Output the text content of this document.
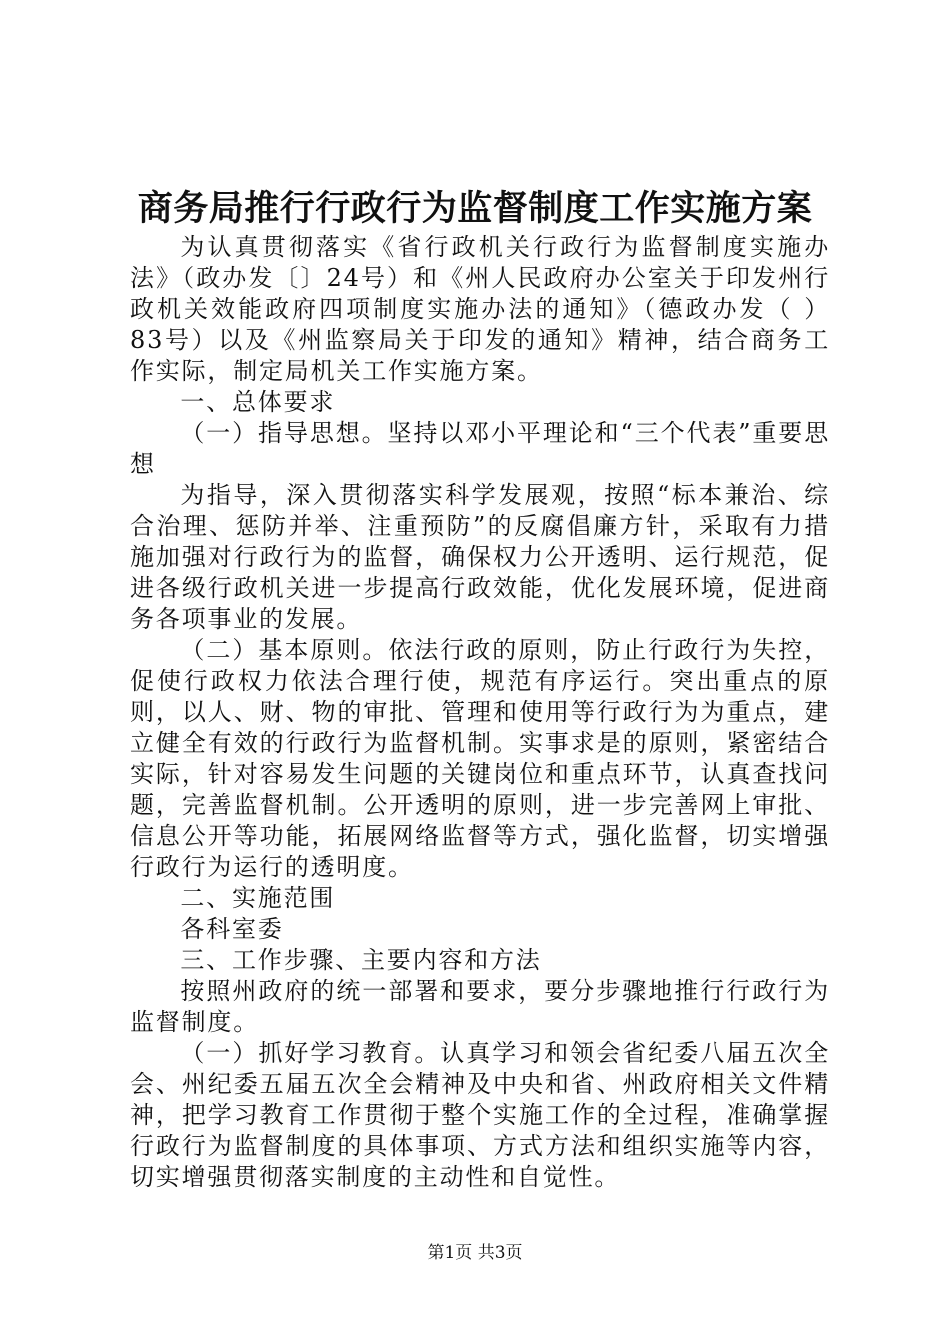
商务局推行行政行为监督制度工作实施方案

为认真贯彻落实《省行政机关行政行为监督制度实施办法》（政办发〔〕24号）和《州人民政府办公室关于印发州行政机关效能政府四项制度实施办法的通知》（德政办发（ ）83号）以及《州监察局关于印发的通知》精神，结合商务工作实际，制定局机关工作实施方案。

一、总体要求

（一）指导思想。坚持以邓小平理论和“三个代表”重要思想

为指导，深入贯彻落实科学发展观，按照“标本兼治、综合治理、惩防并举、注重预防”的反腐倡廉方针，采取有力措施加强对行政行为的监督，确保权力公开透明、运行规范，促进各级行政机关进一步提高行政效能，优化发展环境，促进商务各项事业的发展。

（二）基本原则。依法行政的原则，防止行政行为失控，促使行政权力依法合理行使，规范有序运行。突出重点的原则，以人、财、物的审批、管理和使用等行政行为为重点，建立健全有效的行政行为监督机制。实事求是的原则，紧密结合实际，针对容易发生问题的关键岗位和重点环节，认真查找问题，完善监督机制。公开透明的原则，进一步完善网上审批、信息公开等功能，拓展网络监督等方式，强化监督，切实增强行政行为运行的透明度。

二、实施范围

各科室委

三、工作步骤、主要内容和方法

按照州政府的统一部署和要求，要分步骤地推行行政行为监督制度。

（一）抓好学习教育。认真学习和领会省纪委八届五次全会、州纪委五届五次全会精神及中央和省、州政府相关文件精神，把学习教育工作贯彻于整个实施工作的全过程，准确掌握行政行为监督制度的具体事项、方式方法和组织实施等内容，切实增强贯彻落实制度的主动性和自觉性。

第1页 共3页
